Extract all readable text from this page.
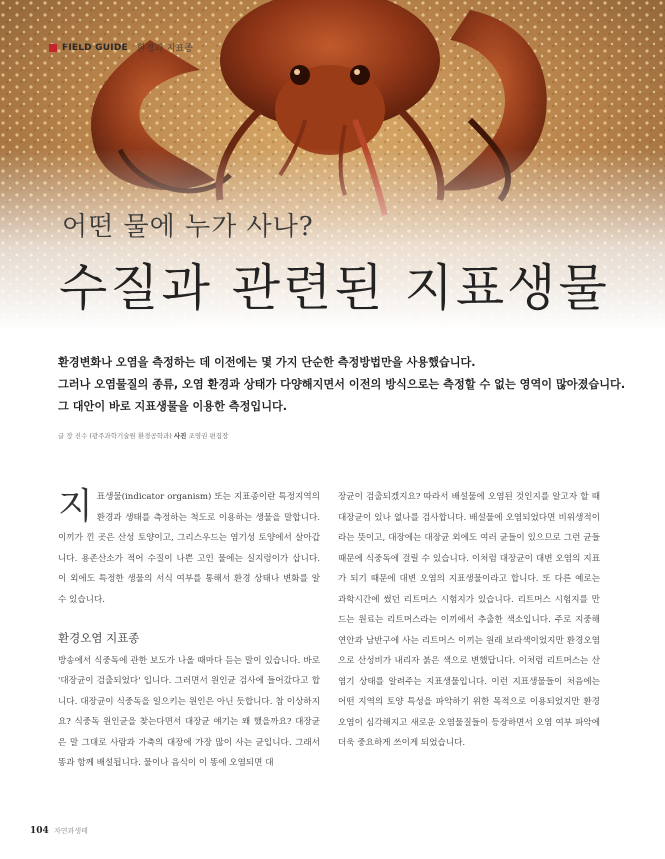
FIELD GUIDE 환경과 지표종
어떤 물에 누가 사나?
수질과 관련된 지표생물

환경변화나 오염을 측정하는 데 이전에는 몇 가지 단순한 측정방법만을 사용했습니다.

그러나 오염물질의 종류, 오염 환경과 상태가 다양해지면서 이전의 방식으로는 측정할 수 없는 영역이 많아졌습니다.

그 대안이 바로 지표생물을 이용한 측정입니다.

글 장 진수 (광주과학기술원 환경공학과) 사진 조영권 편집장

지표생물(indicator organism) 또는 지표종이란 특정지역의 환경과 생태를 측정하는 척도로 이용하는 생물을 말합니다. 이끼가 낀 곳은 산성 토양이고, 그리스우드는 염기성 토양에서 살아갑니다. 용존산소가 적어 수질이 나쁜 고인 물에는 실지렁이가 삽니다. 이 외에도 특정한 생물의 서식 여부를 통해서 환경 상태나 변화를 알 수 있습니다.

환경오염 지표종

방송에서 식중독에 관한 보도가 나올 때마다 듣는 말이 있습니다. 바로 '대장균이 검출되었다' 입니다. 그러면서 원인균 검사에 들어갔다고 합니다. 대장균이 식중독을 일으키는 원인은 아닌 듯합니다. 참 이상하지요? 식중독 원인균을 찾는다면서 대장균 얘기는 왜 했을까요? 대장균은 말 그대로 사람과 가축의 대장에 가장 많이 사는 균입니다. 그래서 똥과 함께 배설됩니다. 물이나 음식이 이 똥에 오염되면 대

장균이 검출되겠지요? 따라서 배설물에 오염된 것인지를 알고자 할 때 대장균이 있나 없나를 검사합니다. 배설물에 오염되었다면 비위생적이라는 뜻이고, 대장에는 대장균 외에도 여러 균들이 있으므로 그런 균들 때문에 식중독에 걸릴 수 있습니다. 이처럼 대장균이 대변 오염의 지표가 되기 때문에 대변 오염의 지표생물이라고 합니다. 또 다른 예로는 과학시간에 썼던 리트머스 시험지가 있습니다. 리트머스 시험지를 만드는 원료는 리트머스라는 이끼에서 추출한 색소입니다. 주로 지중해 연안과 남반구에 사는 리트머스 이끼는 원래 보라색이었지만 환경오염으로 산성비가 내리자 붉은 색으로 변했답니다. 이처럼 리트머스는 산 염기 상태를 알려주는 지표생물입니다. 이런 지표생물들이 처음에는 어떤 지역의 토양 특성을 파악하기 위한 목적으로 이용되었지만 환경오염이 심각해지고 새로운 오염물질들이 등장하면서 오염 여부 파악에 더욱 중요하게 쓰이게 되었습니다.

104 자연과생태
